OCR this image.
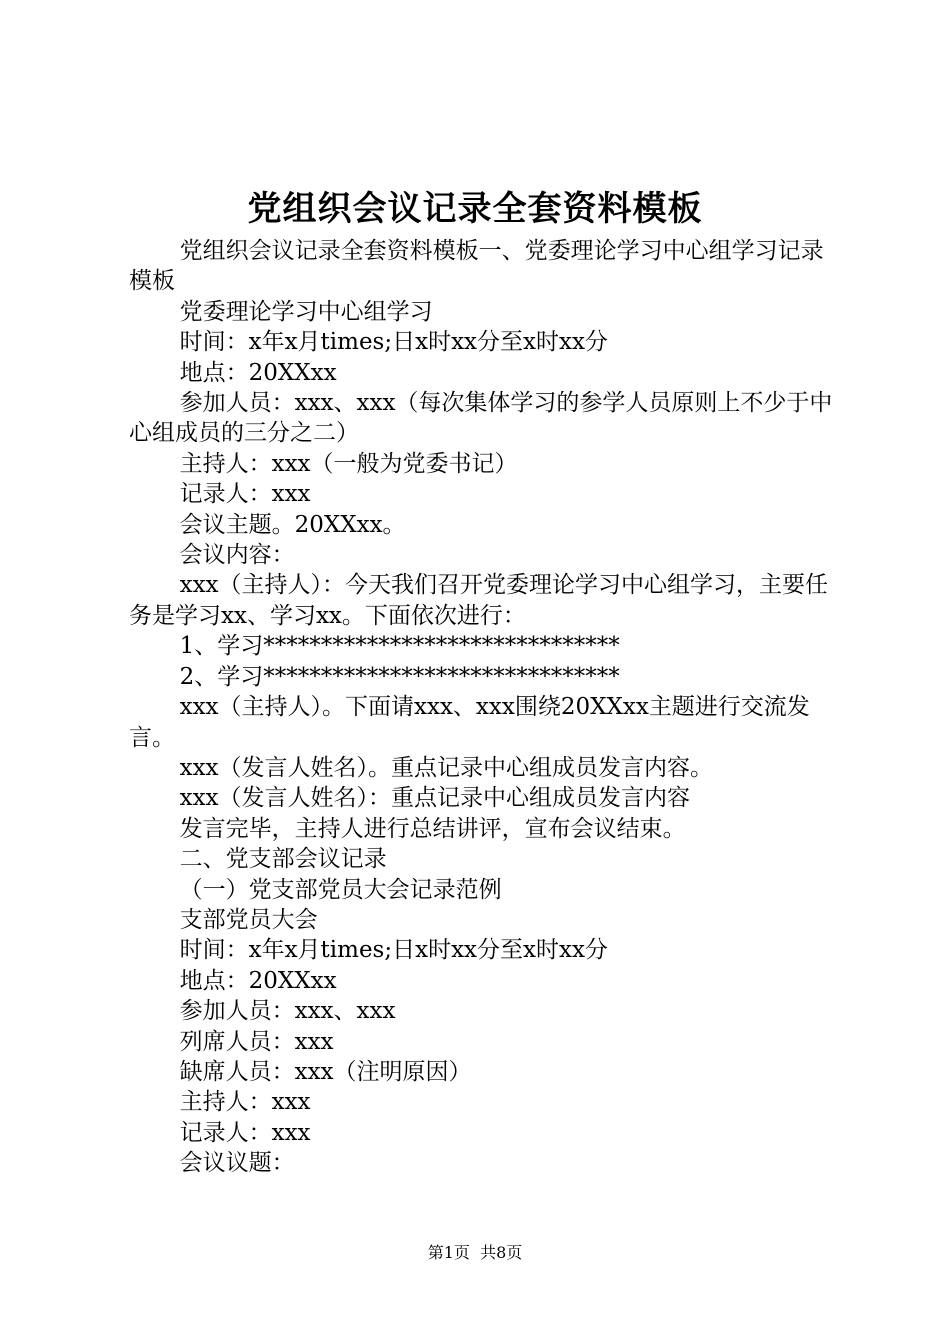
党组织会议记录全套资料模板

党组织会议记录全套资料模板一、党委理论学习中心组学习记录模板

党委理论学习中心组学习

时间：x年x月times;日x时xx分至x时xx分

地点：20XXxx

参加人员：xxx、xxx（每次集体学习的参学人员原则上不少于中心组成员的三分之二）

主持人：xxx（一般为党委书记）

记录人：xxx

会议主题。20XXxx。

会议内容：

xxx（主持人）：今天我们召开党委理论学习中心组学习，主要任务是学习xx、学习xx。下面依次进行：

1、学习*******************************

2、学习*******************************

xxx（主持人）。下面请xxx、xxx围绕20XXxx主题进行交流发言。

xxx（发言人姓名）。重点记录中心组成员发言内容。

xxx（发言人姓名）：重点记录中心组成员发言内容

发言完毕，主持人进行总结讲评，宣布会议结束。

二、党支部会议记录

（一）党支部党员大会记录范例

支部党员大会

时间：x年x月times;日x时xx分至x时xx分

地点：20XXxx

参加人员：xxx、xxx

列席人员：xxx

缺席人员：xxx（注明原因）

主持人：xxx

记录人：xxx

会议议题：

第1页 共8页
